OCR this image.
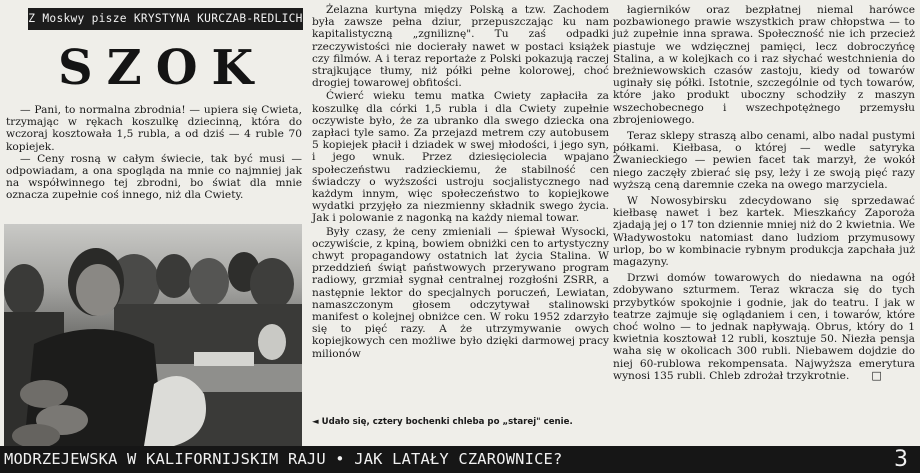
Z Moskwy pisze KRYSTYNA KURCZAB-REDLICH
SZOK

— Pani, to normalna zbrodnia! — upiera się Cwieta, trzymając w rękach koszulkę dziecinną, która do wczoraj kosztowała 1,5 rubla, a od dziś — 4 ruble 70 kopiejek.

— Ceny rosną w całym świecie, tak być musi — odpowiadam, a ona spogląda na mnie co najmniej jak na współwinnego tej zbrodni, bo świat dla mnie oznacza zupełnie coś innego, niż dla Cwiety.

Żelazna kurtyna między Polską a tzw. Zachodem była zawsze pełna dziur, przepuszczając ku nam kapitalistyczną „zgniliznę". Tu zaś odpadki rzeczywistości nie docierały nawet w postaci książek czy filmów. A i teraz reportaże z Polski pokazują raczej strajkujące tłumy, niż półki pełne kolorowej, choć drogiej towarowej obfitości.

Ćwierć wieku temu matka Cwiety zapłaciła za koszulkę dla córki 1,5 rubla i dla Cwiety zupełnie oczywiste było, że za ubranko dla swego dziecka ona zapłaci tyle samo. Za przejazd metrem czy autobusem 5 kopiejek płacił i dziadek w swej młodości, i jego syn, i jego wnuk. Przez dziesięciolecia wpajano społeczeństwu radzieckiemu, że stabilność cen świadczy o wyższości ustroju socjalistycznego nad każdym innym, więc społeczeństwo to kopiejkowe wydatki przyjęło za niezmienny składnik swego życia. Jak i polowanie z nagonką na każdy niemal towar.

Były czasy, że ceny zmieniali — śpiewał Wysocki, oczywiście, z kpiną, bowiem obniżki cen to artystyczny chwyt propagandowy ostatnich lat życia Stalina. W przeddzień świąt państwowych przerywano program radiowy, grzmiał sygnał centralnej rozgłośni ZSRR, a następnie lektor do specjalnych poruczeń, Lewiatan, namaszczonym głosem odczytywał stalinowski manifest o kolejnej obniżce cen. W roku 1952 zdarzyło się to pięć razy. A że utrzymywanie owych kopiejkowych cen możliwe było dzięki darmowej pracy milionów

◄ Udało się, cztery bochenki chleba po „starej" cenie.

łagierników oraz bezpłatnej niemal harówce pozbawionego prawie wszystkich praw chłopstwa — to już zupełnie inna sprawa. Społeczność nie ich przecież piastuje we wdzięcznej pamięci, lecz dobroczyńcę Stalina, a w kolejkach co i raz słychać westchnienia do breżniewowskich czasów zastoju, kiedy od towarów uginały się półki. Istotnie, szczególnie od tych towarów, które jako produkt uboczny schodziły z maszyn wszechobecnego i wszechpotężnego przemysłu zbrojeniowego.

Teraz sklepy straszą albo cenami, albo nadal pustymi półkami. Kiełbasa, o której — wedle satyryka Żwanieckiego — pewien facet tak marzył, że wokół niego zaczęły zbierać się psy, leży i ze swoją pięć razy wyższą ceną daremnie czeka na owego marzyciela.

W Nowosybirsku zdecydowano się sprzedawać kiełbasę nawet i bez kartek. Mieszkańcy Zaporoża zjadają jej o 17 ton dziennie mniej niż do 2 kwietnia. We Władywostoku natomiast dano ludziom przymusowy urlop, bo w kombinacie rybnym produkcja zapchała już magazyny.

Drzwi domów towarowych do niedawna na ogół zdobywano szturmem. Teraz wkracza się do tych przybytków spokojnie i godnie, jak do teatru. I jak w teatrze zajmuje się oglądaniem i cen, i towarów, które choć wolno — to jednak napływają. Obrus, który do 1 kwietnia kosztował 12 rubli, kosztuje 50. Niezła pensja waha się w okolicach 300 rubli. Niebawem dojdzie do niej 60-rublowa rekompensata. Najwyższa emerytura wynosi 135 rubli. Chleb zdrożał trzykrotnie. □

MODRZEJEWSKA W KALIFORNIJSKIM RAJU • JAK LATAŁY CZAROWNICE?	3
